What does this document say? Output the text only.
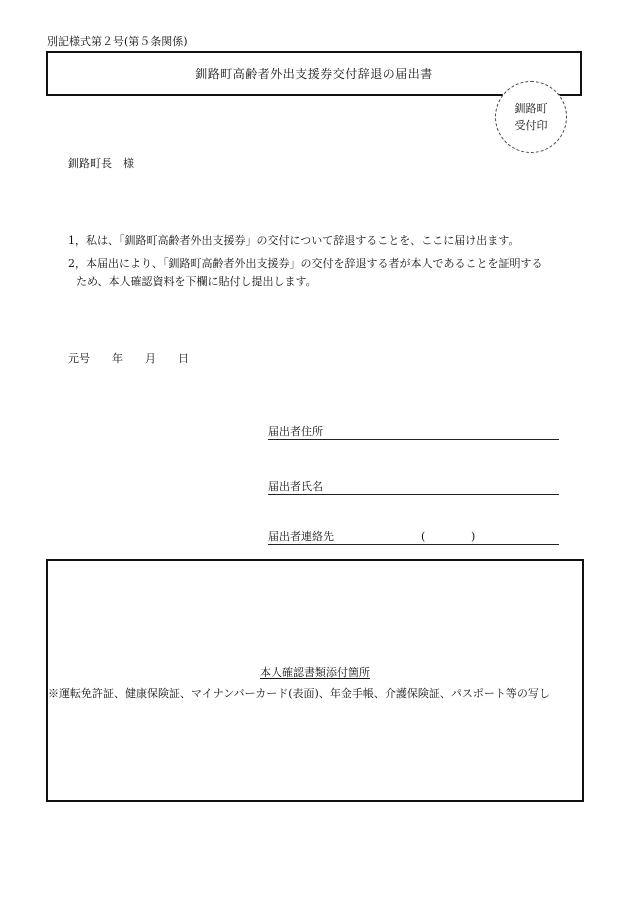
別記様式第２号(第５条関係)
釧路町高齢者外出支援券交付辞退の届出書
釧路町
受付印
釧路町長　様
1，私は、「釧路町高齢者外出支援券」の交付について辞退することを、ここに届け出ます。
2，本届出により、「釧路町高齢者外出支援券」の交付を辞退する者が本人であることを証明する
ため、本人確認資料を下欄に貼付し提出します。
元号　　年　　月　　日
届出者住所
届出者氏名
届出者連絡先	(	)
本人確認書類添付箇所
※運転免許証、健康保険証、マイナンバーカード(表面)、年金手帳、介護保険証、パスポート等の写し
